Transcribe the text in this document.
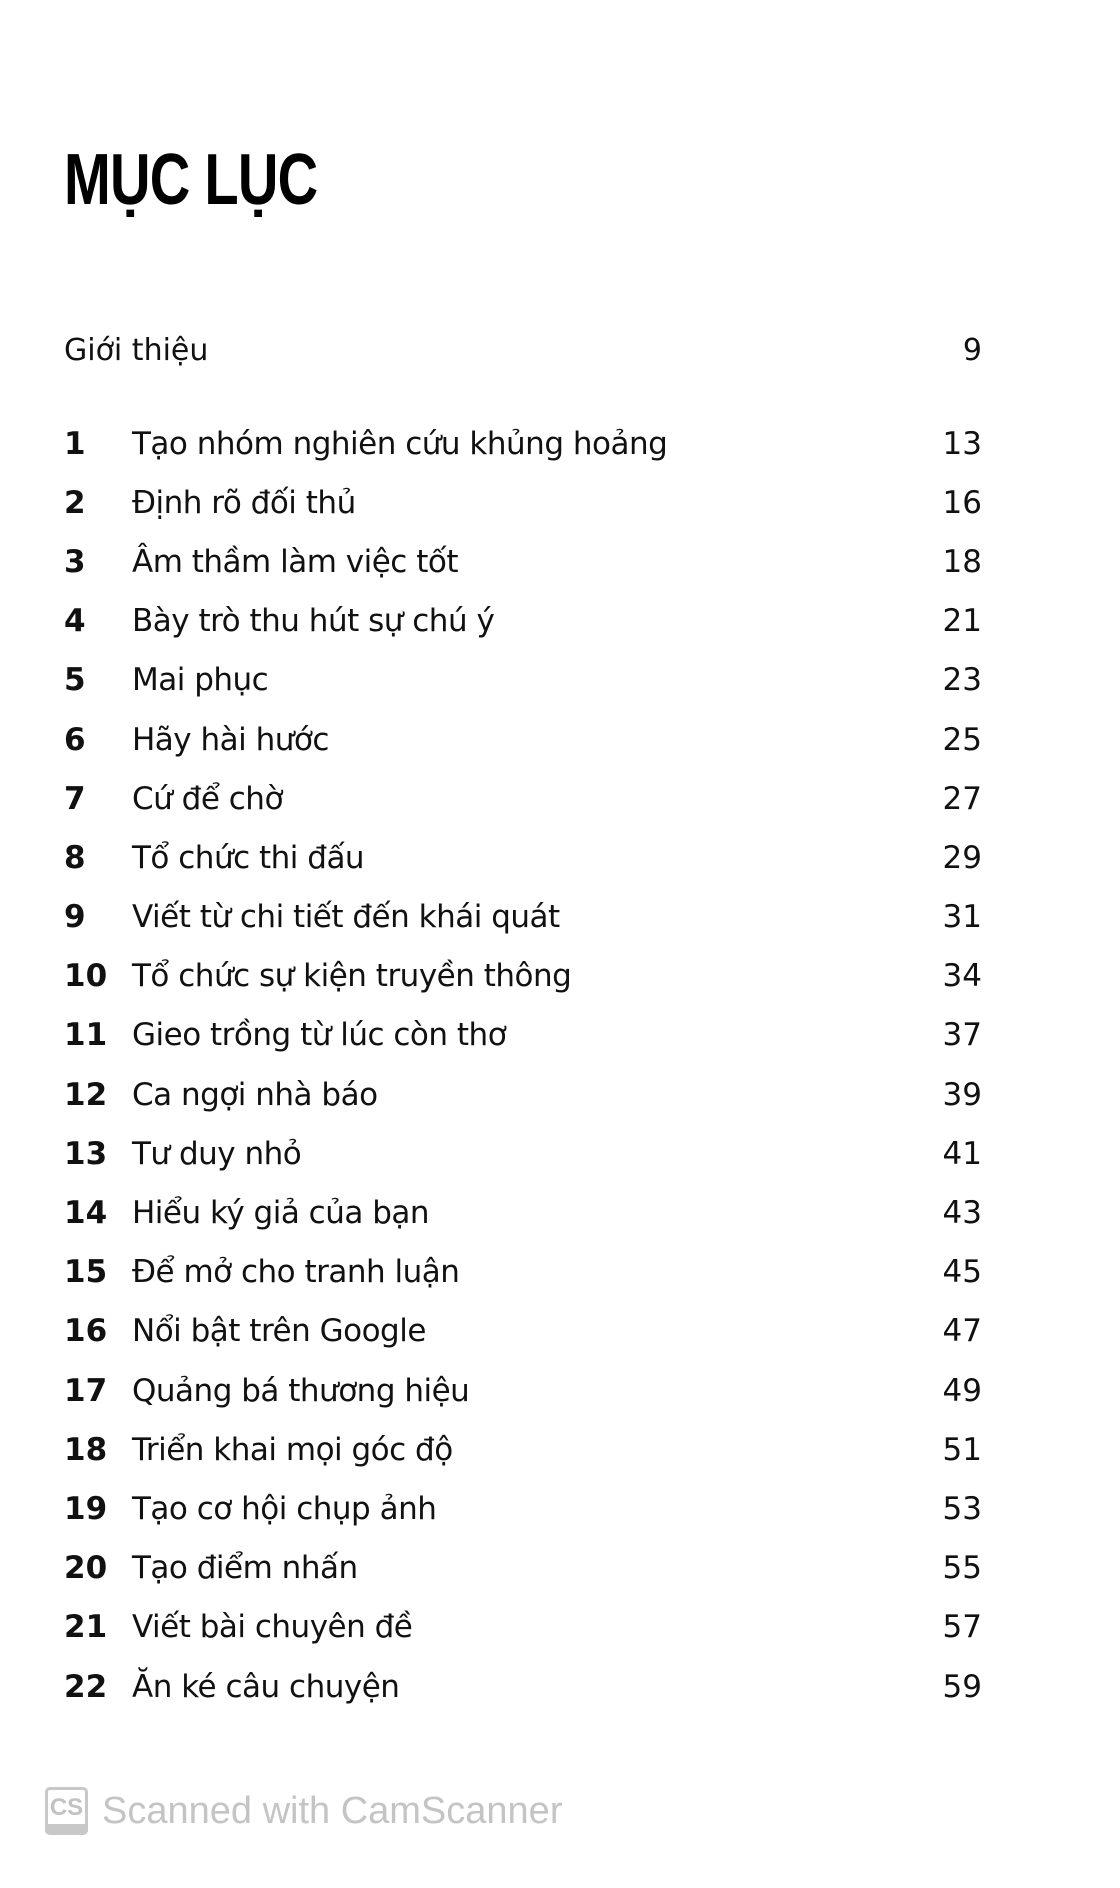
MỤC LỤC
Giới thiệu	9
1	Tạo nhóm nghiên cứu khủng hoảng	13
2	Định rõ đối thủ	16
3	Âm thầm làm việc tốt	18
4	Bày trò thu hút sự chú ý	21
5	Mai phục	23
6	Hãy hài hước	25
7	Cứ để chờ	27
8	Tổ chức thi đấu	29
9	Viết từ chi tiết đến khái quát	31
10 Tổ chức sự kiện truyền thông	34
11 Gieo trồng từ lúc còn thơ	37
12 Ca ngợi nhà báo	39
13 Tư duy nhỏ	41
14 Hiểu ký giả của bạn	43
15 Để mở cho tranh luận	45
16 Nổi bật trên Google	47
17 Quảng bá thương hiệu	49
18 Triển khai mọi góc độ	51
19 Tạo cơ hội chụp ảnh	53
20 Tạo điểm nhấn	55
21 Viết bài chuyên đề	57
22 Ăn ké câu chuyện	59
CS Scanned with CamScanner
